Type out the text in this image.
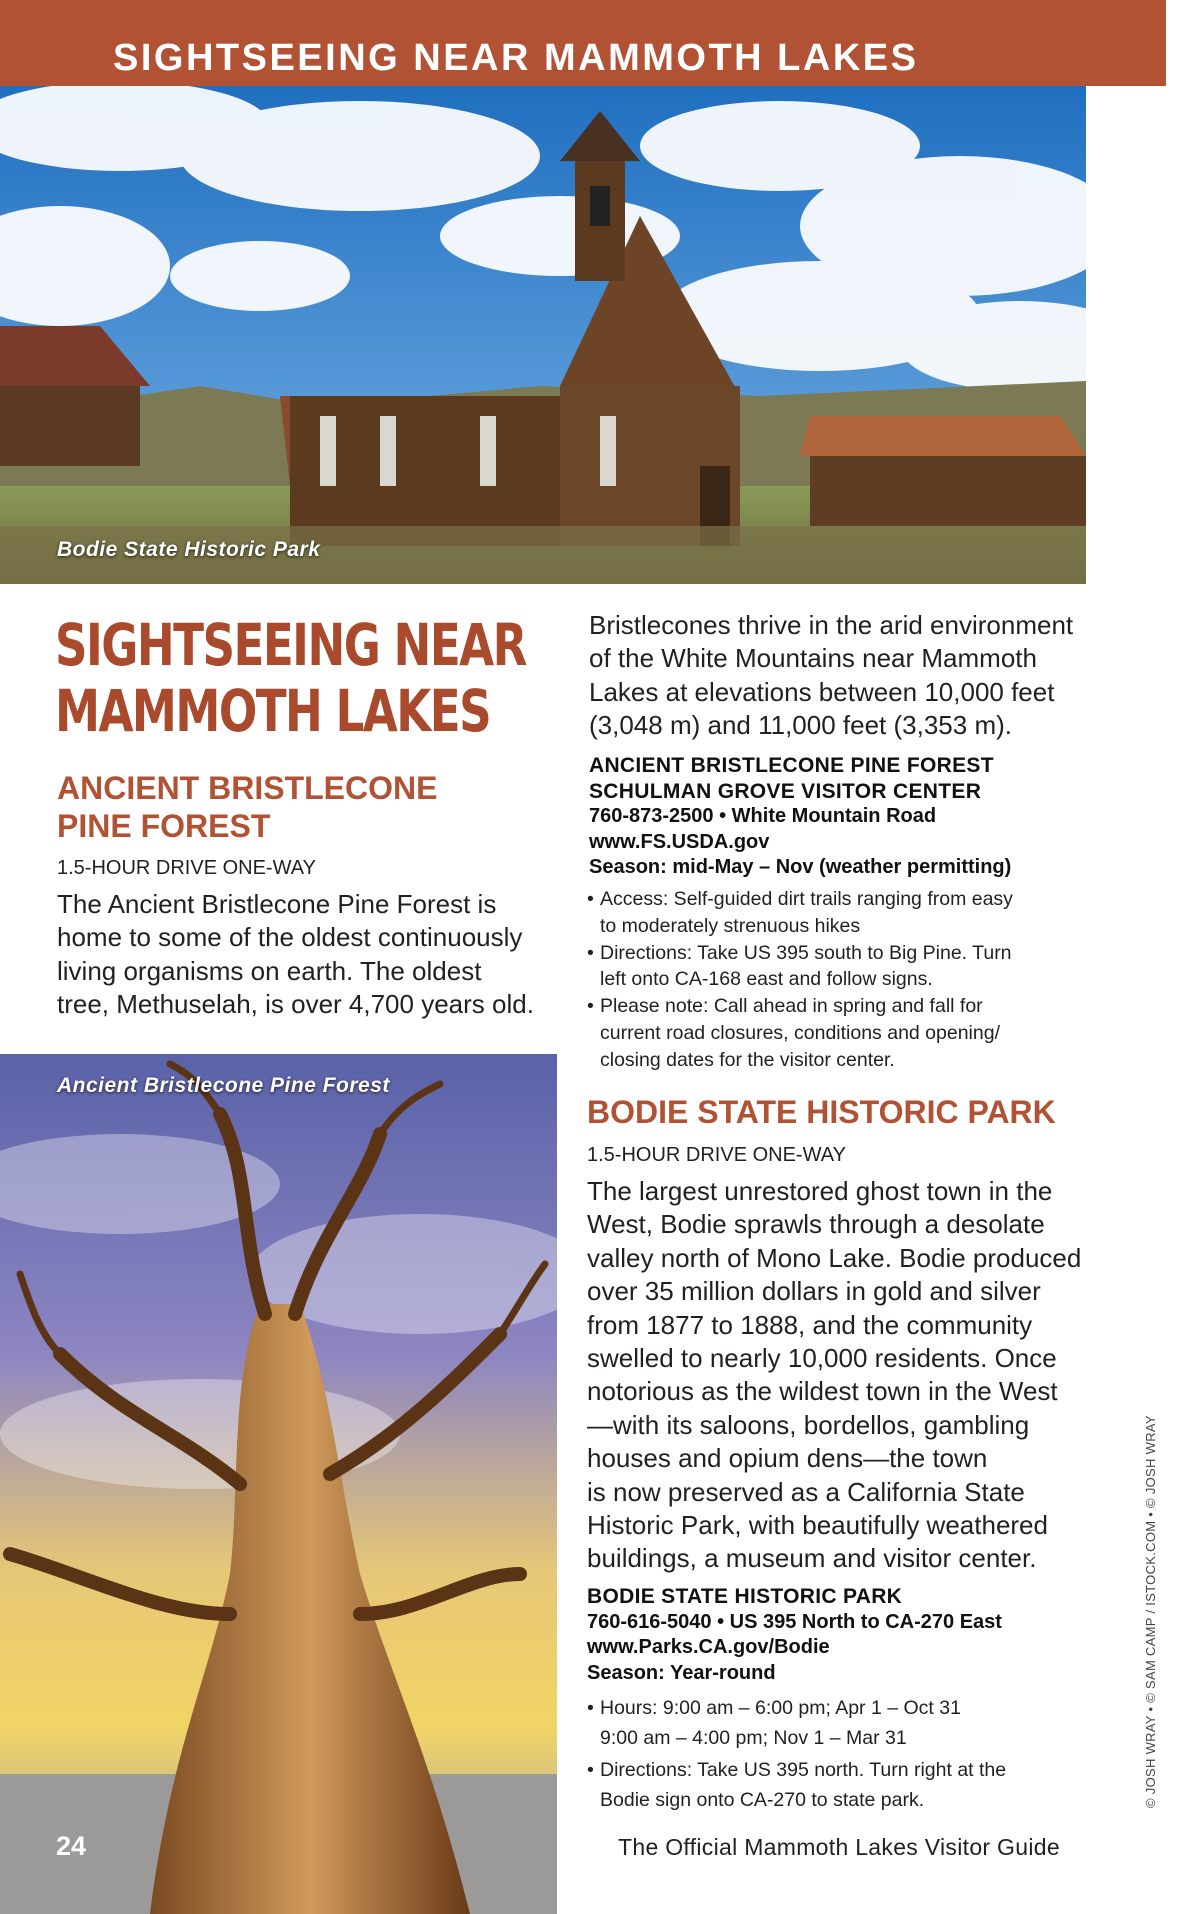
SIGHTSEEING NEAR MAMMOTH LAKES
Bodie State Historic Park
SIGHTSEEING NEAR
MAMMOTH LAKES
ANCIENT BRISTLECONE
PINE FOREST
1.5-HOUR DRIVE ONE-WAY
The Ancient Bristlecone Pine Forest is
home to some of the oldest continuously
living organisms on earth. The oldest
tree, Methuselah, is over 4,700 years old.
Ancient Bristlecone Pine Forest
Bristlecones thrive in the arid environment
of the White Mountains near Mammoth
Lakes at elevations between 10,000 feet
(3,048 m) and 11,000 feet (3,353 m).
ANCIENT BRISTLECONE PINE FOREST
SCHULMAN GROVE VISITOR CENTER
760-873-2500 • White Mountain Road
www.FS.USDA.gov
Season: mid-May – Nov (weather permitting)
• Access: Self-guided dirt trails ranging from easy
to moderately strenuous hikes
• Directions: Take US 395 south to Big Pine. Turn
left onto CA-168 east and follow signs.
• Please note: Call ahead in spring and fall for
current road closures, conditions and opening/
closing dates for the visitor center.
BODIE STATE HISTORIC PARK
1.5-HOUR DRIVE ONE-WAY
The largest unrestored ghost town in the
West, Bodie sprawls through a desolate
valley north of Mono Lake. Bodie produced
over 35 million dollars in gold and silver
from 1877 to 1888, and the community
swelled to nearly 10,000 residents. Once
notorious as the wildest town in the West
—with its saloons, bordellos, gambling
houses and opium dens—the town
is now preserved as a California State
Historic Park, with beautifully weathered
buildings, a museum and visitor center.
BODIE STATE HISTORIC PARK
760-616-5040 • US 395 North to CA-270 East
www.Parks.CA.gov/Bodie
Season: Year-round
• Hours: 9:00 am – 6:00 pm; Apr 1 – Oct 31
9:00 am – 4:00 pm; Nov 1 – Mar 31
• Directions: Take US 395 north. Turn right at the
Bodie sign onto CA-270 to state park.
24	The Official Mammoth Lakes Visitor Guide
© JOSH WRAY • © SAM CAMP / ISTOCK.COM • © JOSH WRAY
